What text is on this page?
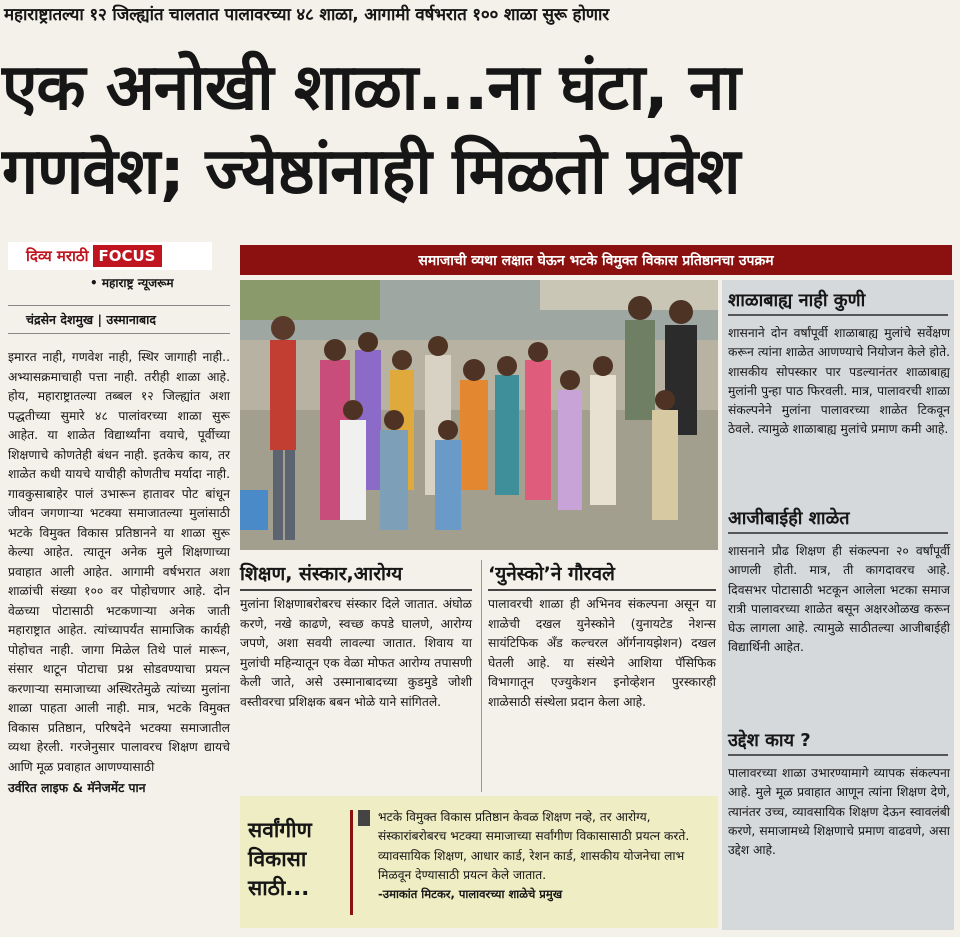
महाराष्ट्रातल्या १२ जिल्ह्यांत चालतात पालावरच्या ४८ शाळा, आगामी वर्षभरात १०० शाळा सुरू होणार
एक अनोखी शाळा...ना घंटा, ना
गणवेश; ज्येष्ठांनाही मिळतो प्रवेश
दिव्य मराठी FOCUS
• महाराष्ट्र न्यूजरूम
चंद्रसेन देशमुख | उस्मानाबाद
इमारत नाही, गणवेश नाही, स्थिर जागाही नाही.. अभ्यासक्रमाचाही पत्ता नाही. तरीही शाळा आहे. होय, महाराष्ट्रातल्या तब्बल १२ जिल्ह्यांत अशा पद्धतीच्या सुमारे ४८ पालांवरच्या शाळा सुरू आहेत. या शाळेत विद्यार्थ्यांना वयाचे, पूर्वीच्या शिक्षणाचे कोणतेही बंधन नाही. इतकेच काय, तर शाळेत कधी यायचे याचीही कोणतीच मर्यादा नाही. गावकुसाबाहेर पालं उभारून हातावर पोट बांधून जीवन जगणाऱ्या भटक्या समाजातल्या मुलांसाठी भटके विमुक्त विकास प्रतिष्ठानने या शाळा सुरू केल्या आहेत. त्यातून अनेक मुले शिक्षणाच्या प्रवाहात आली आहेत. आगामी वर्षभरात अशा शाळांची संख्या १०० वर पोहोचणार आहे. दोन वेळच्या पोटासाठी भटकणाऱ्या अनेक जाती महाराष्ट्रात आहेत. त्यांच्यापर्यंत सामाजिक कार्यही पोहोचत नाही. जागा मिळेल तिथे पालं मारून, संसार थाटून पोटाचा प्रश्न सोडवण्याचा प्रयत्न करणाऱ्या समाजाच्या अस्थिरतेमुळे त्यांच्या मुलांना शाळा पाहता आली नाही. मात्र, भटके विमुक्त विकास प्रतिष्ठान, परिषदेने भटक्या समाजातील व्यथा हेरली. गरजेनुसार पालावरच शिक्षण द्यायचे आणि मूळ प्रवाहात आणण्यासाठी
उर्वरित लाइफ & मॅनेजमेंट पान
समाजाची व्यथा लक्षात घेऊन भटके विमुक्त विकास प्रतिष्ठानचा उपक्रम
शाळाबाह्य नाही कुणी
शासनाने दोन वर्षांपूर्वी शाळाबाह्य मुलांचे सर्वेक्षण करून त्यांना शाळेत आणण्याचे नियोजन केले होते. शासकीय सोपस्कार पार पडल्यानंतर शाळाबाह्य मुलांनी पुन्हा पाठ फिरवली. मात्र, पालावरची शाळा संकल्पनेने मुलांना पालावरच्या शाळेत टिकवून ठेवले. त्यामुळे शाळाबाह्य मुलांचे प्रमाण कमी आहे.
आजीबाईही शाळेत
शासनाने प्रौढ शिक्षण ही संकल्पना २० वर्षांपूर्वी आणली होती. मात्र, ती कागदावरच आहे. दिवसभर पोटासाठी भटकून आलेला भटका समाज रात्री पालावरच्या शाळेत बसून अक्षरओळख करून घेऊ लागला आहे. त्यामुळे साठीतल्या आजीबाईही विद्यार्थिनी आहेत.
उद्देश काय ?
पालावरच्या शाळा उभारण्यामागे व्यापक संकल्पना आहे. मुले मूळ प्रवाहात आणून त्यांना शिक्षण देणे, त्यानंतर उच्च, व्यावसायिक शिक्षण देऊन स्वावलंबी करणे, समाजामध्ये शिक्षणाचे प्रमाण वाढवणे, असा उद्देश आहे.
शिक्षण, संस्कार,आरोग्य
मुलांना शिक्षणाबरोबरच संस्कार दिले जातात. अंघोळ करणे, नखे काढणे, स्वच्छ कपडे घालणे, आरोग्य जपणे, अशा सवयी लावल्या जातात. शिवाय या मुलांची महिन्यातून एक वेळा मोफत आरोग्य तपासणी केली जाते, असे उस्मानाबादच्या कुडमुडे जोशी वस्तीवरचा प्रशिक्षक बबन भोळे याने सांगितले.
‘युनेस्को’ने गौरवले
पालावरची शाळा ही अभिनव संकल्पना असून या शाळेची दखल युनेस्कोने (युनायटेड नेशन्स सायंटिफिक अँड कल्चरल ऑर्गनायझेशन) दखल घेतली आहे. या संस्थेने आशिया पॅसिफिक विभागातून एज्युकेशन इनोव्हेशन पुरस्कारही शाळेसाठी संस्थेला प्रदान केला आहे.
सर्वांगीण विकासा साठी...
भटके विमुक्त विकास प्रतिष्ठान केवळ शिक्षण नव्हे, तर आरोग्य, संस्कारांबरोबरच भटक्या समाजाच्या सर्वांगीण विकासासाठी प्रयत्न करते. व्यावसायिक शिक्षण, आधार कार्ड, रेशन कार्ड, शासकीय योजनेचा लाभ मिळवून देण्यासाठी प्रयत्न केले जातात.
-उमाकांत मिटकर, पालावरच्या शाळेचे प्रमुख
